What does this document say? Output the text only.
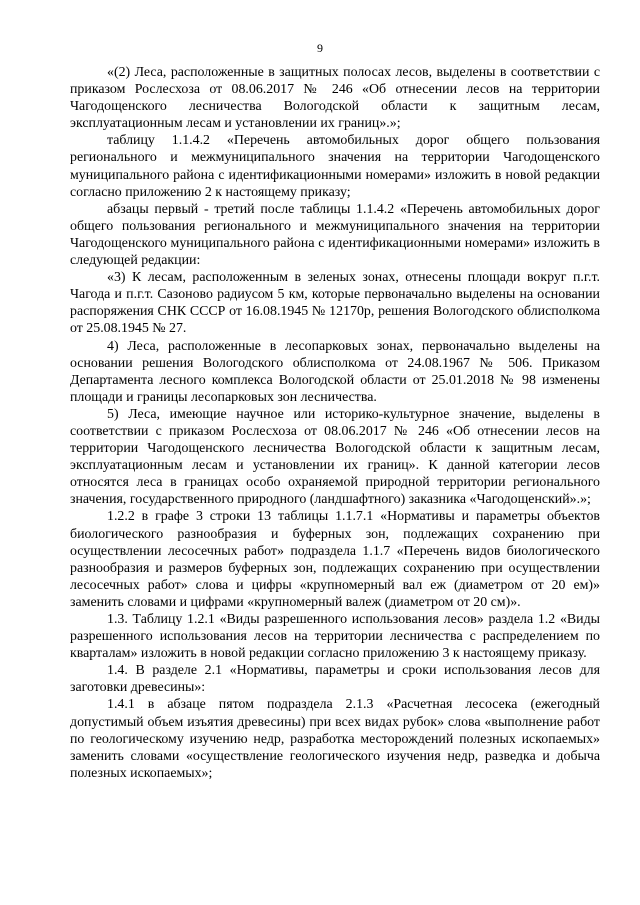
9

«(2) Леса, расположенные в защитных полосах лесов, выделены в соответствии с приказом Рослесхоза от 08.06.2017 № 246 «Об отнесении лесов на территории Чагодощенского лесничества Вологодской области к защитным лесам, эксплуатационным лесам и установлении их границ».»;

таблицу 1.1.4.2 «Перечень автомобильных дорог общего пользования регионального и межмуниципального значения на территории Чагодощенского муниципального района с идентификационными номерами» изложить в новой редакции согласно приложению 2 к настоящему приказу;

абзацы первый - третий после таблицы 1.1.4.2 «Перечень автомобильных дорог общего пользования регионального и межмуниципального значения на территории Чагодощенского муниципального района с идентификационными номерами» изложить в следующей редакции:

«3) К лесам, расположенным в зеленых зонах, отнесены площади вокруг п.г.т. Чагода и п.г.т. Сазоново радиусом 5 км, которые первоначально выделены на основании распоряжения СНК СССР от 16.08.1945 № 12170р, решения Вологодского облисполкома от 25.08.1945 № 27.

4) Леса, расположенные в лесопарковых зонах, первоначально выделены на основании решения Вологодского облисполкома от 24.08.1967 № 506. Приказом Департамента лесного комплекса Вологодской области от 25.01.2018 № 98 изменены площади и границы лесопарковых зон лесничества.

5) Леса, имеющие научное или историко-культурное значение, выделены в соответствии с приказом Рослесхоза от 08.06.2017 № 246 «Об отнесении лесов на территории Чагодощенского лесничества Вологодской области к защитным лесам, эксплуатационным лесам и установлении их границ». К данной категории лесов относятся леса в границах особо охраняемой природной территории регионального значения, государственного природного (ландшафтного) заказника «Чагодощенский».»;

1.2.2 в графе 3 строки 13 таблицы 1.1.7.1 «Нормативы и параметры объектов биологического разнообразия и буферных зон, подлежащих сохранению при осуществлении лесосечных работ» подраздела 1.1.7 «Перечень видов биологического разнообразия и размеров буферных зон, подлежащих сохранению при осуществлении лесосечных работ» слова и цифры «крупномерный вал еж (диаметром от 20 ем)» заменить словами и цифрами «крупномерный валеж (диаметром от 20 см)».

1.3. Таблицу 1.2.1 «Виды разрешенного использования лесов» раздела 1.2 «Виды разрешенного использования лесов на территории лесничества с распределением по кварталам» изложить в новой редакции согласно приложению 3 к настоящему приказу.

1.4. В разделе 2.1 «Нормативы, параметры и сроки использования лесов для заготовки древесины»:

1.4.1 в абзаце пятом подраздела 2.1.3 «Расчетная лесосека (ежегодный допустимый объем изъятия древесины) при всех видах рубок» слова «выполнение работ по геологическому изучению недр, разработка месторождений полезных ископаемых» заменить словами «осуществление геологического изучения недр, разведка и добыча полезных ископаемых»;
